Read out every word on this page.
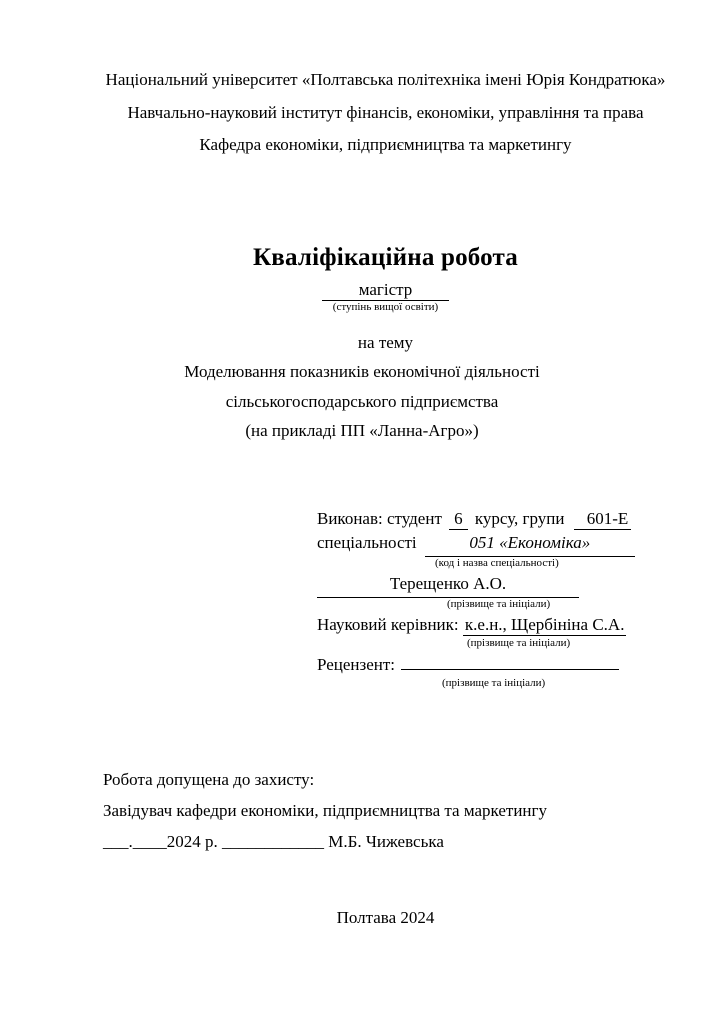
Національний університет «Полтавська політехніка імені Юрія Кондратюка»
Навчально-науковий інститут фінансів, економіки, управління та права
Кафедра економіки, підприємництва та маркетингу
Кваліфікаційна робота
магістр
(ступінь вищої освіти)
на тему
Моделювання показників економічної діяльності
сільськогосподарського підприємства
(на прикладі ПП «Ланна-Агро»)
Виконав: студент 6 курсу, групи 601-Е
спеціальності	051 «Економіка»
(код і назва спеціальності)
Терещенко А.О.
(прізвище та ініціали)
Науковий керівник: к.е.н., Щербініна С.А.
(прізвище та ініціали)
Рецензент:
(прізвище та ініціали)
Робота допущена до захисту:
Завідувач кафедри економіки, підприємництва та маркетингу
___.____2024 р. ____________ М.Б. Чижевська
Полтава 2024
